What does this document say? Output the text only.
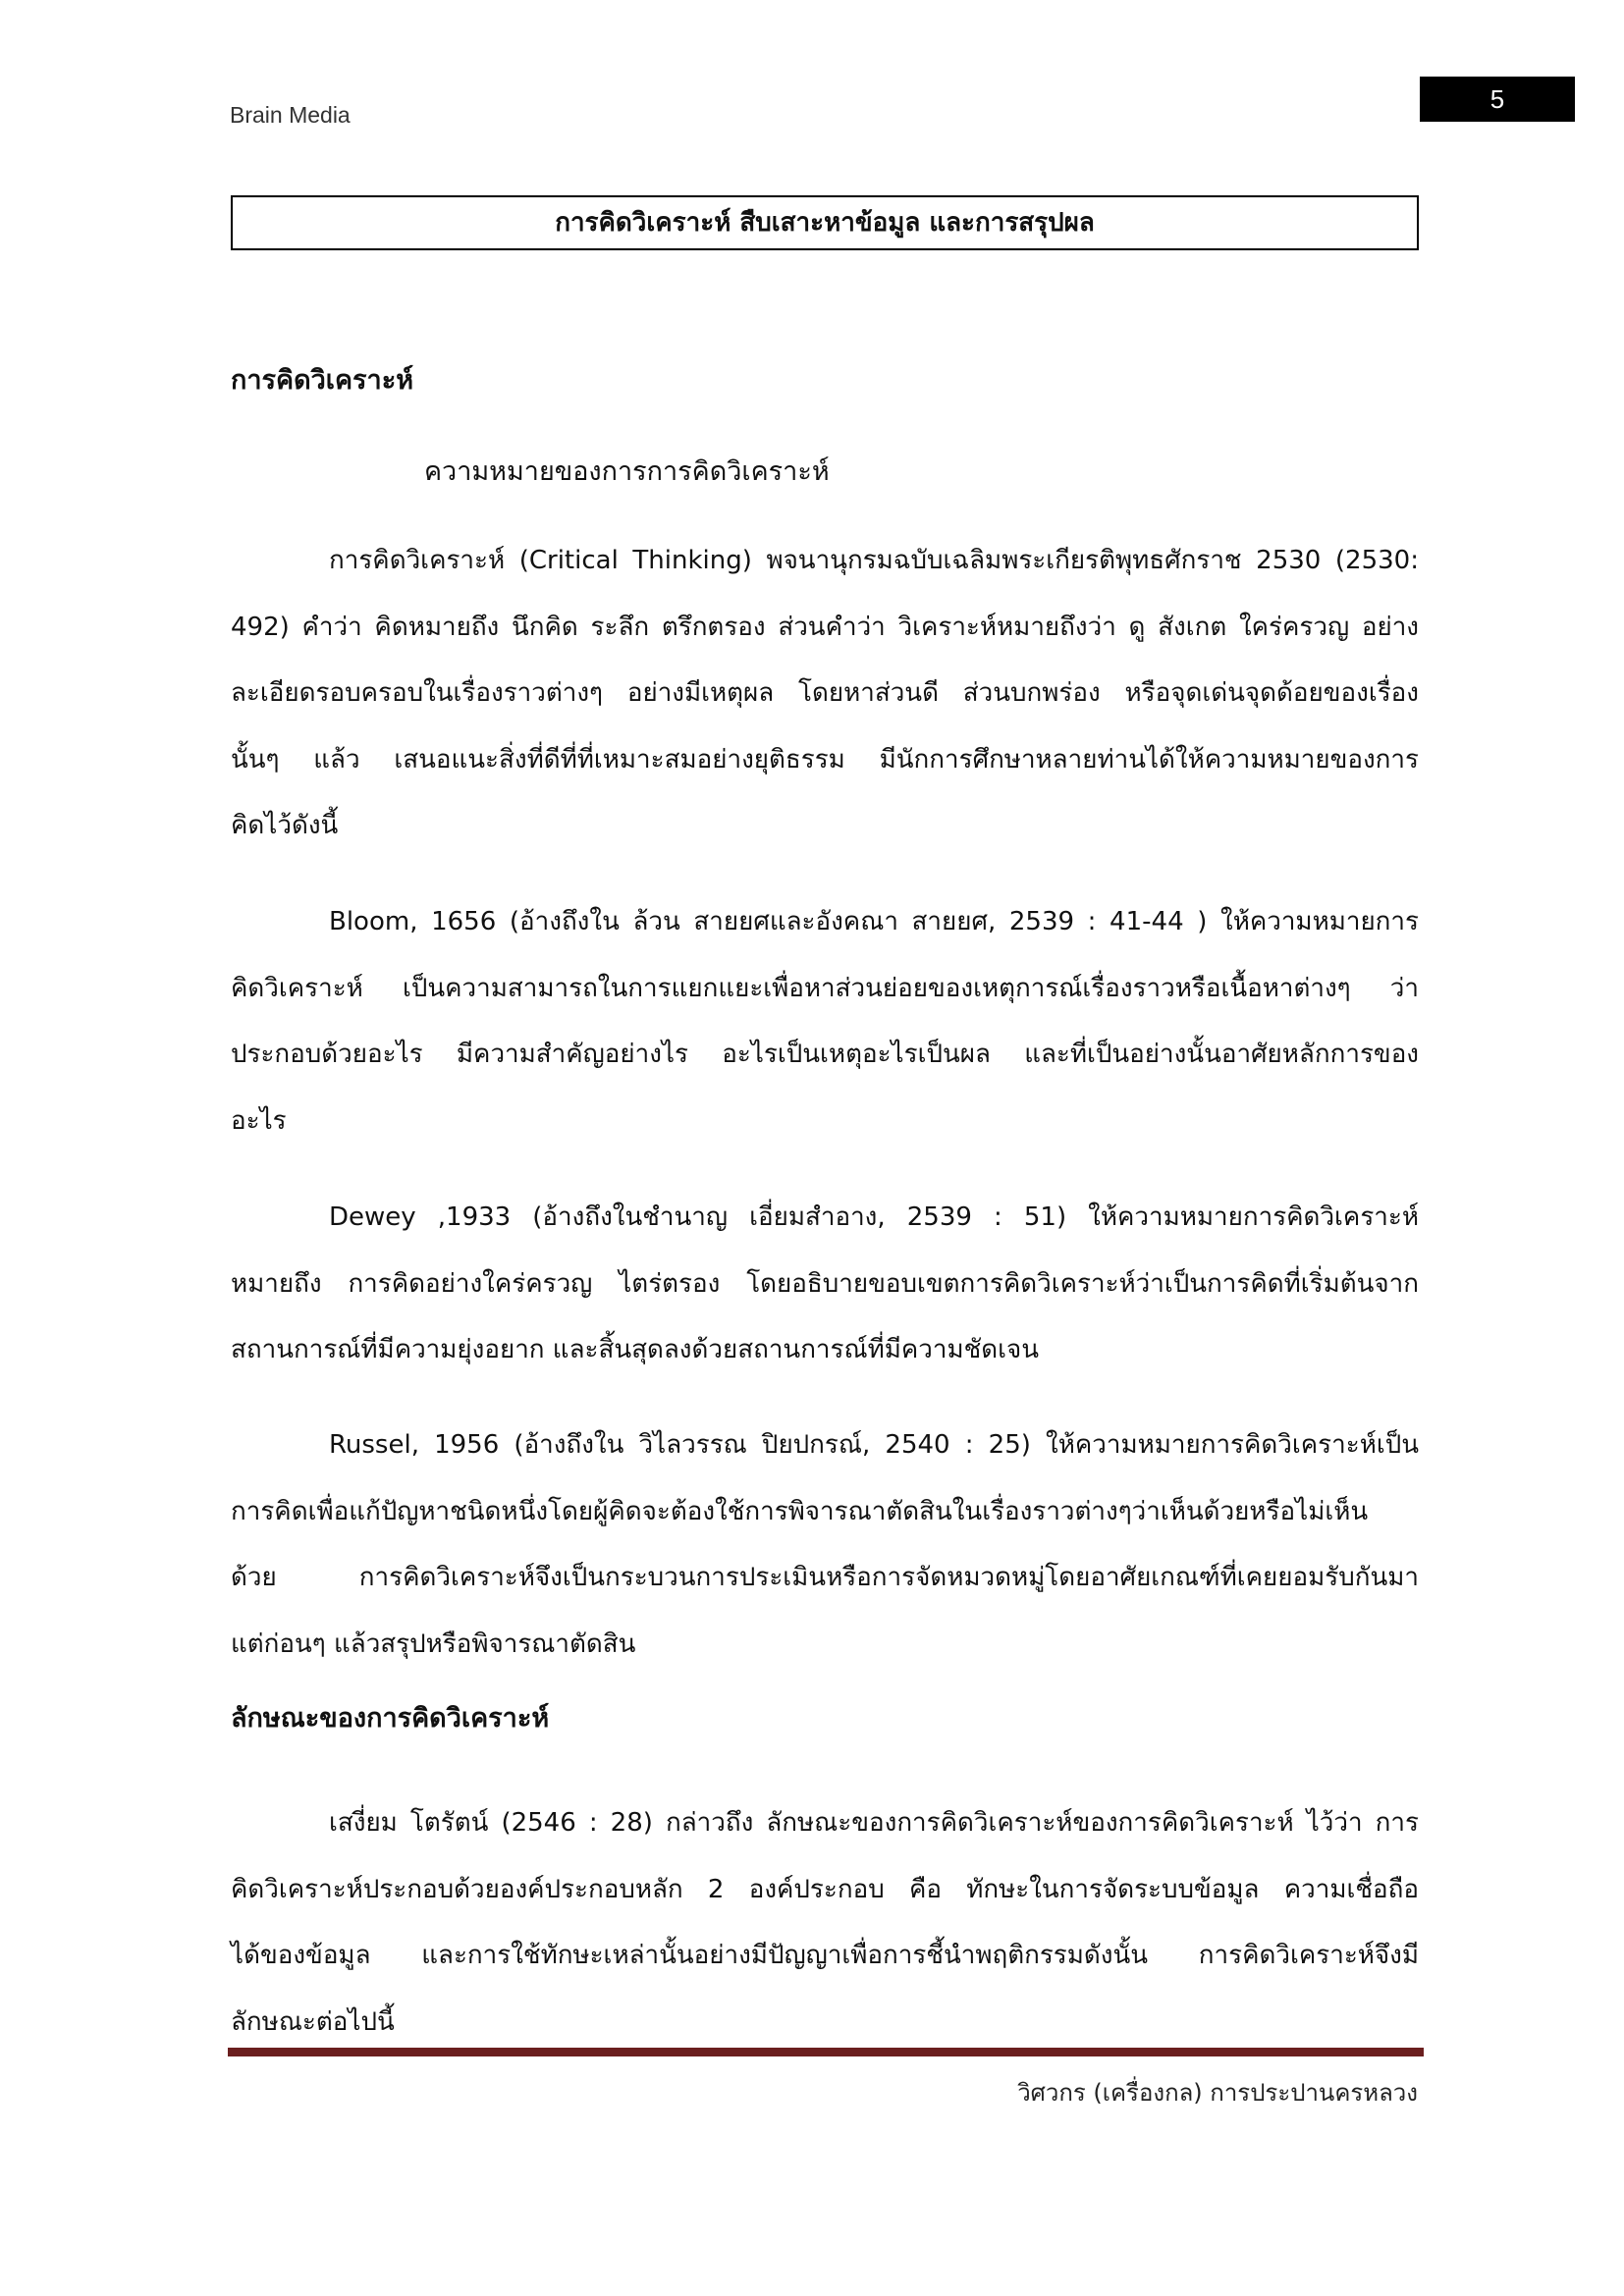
Brain Media
5
การคิดวิเคราะห์ สืบเสาะหาข้อมูล และการสรุปผล
การคิดวิเคราะห์
ความหมายของการการคิดวิเคราะห์
การคิดวิเคราะห์ (Critical Thinking) พจนานุกรมฉบับเฉลิมพระเกียรติพุทธศักราช 2530 (2530:
492) คำว่า คิดหมายถึง นึกคิด ระลึก ตรึกตรอง ส่วนคำว่า วิเคราะห์หมายถึงว่า ดู สังเกต ใคร่ครวญ อย่าง
ละเอียดรอบครอบในเรื่องราวต่างๆ อย่างมีเหตุผล โดยหาส่วนดี ส่วนบกพร่อง หรือจุดเด่นจุดด้อยของเรื่อง
นั้นๆ แล้ว เสนอแนะสิ่งที่ดีที่ที่เหมาะสมอย่างยุติธรรม มีนักการศึกษาหลายท่านได้ให้ความหมายของการ
คิดไว้ดังนี้
Bloom, 1656 (อ้างถึงใน ล้วน สายยศและอังคณา สายยศ, 2539 : 41-44 ) ให้ความหมายการ
คิดวิเคราะห์ เป็นความสามารถในการแยกแยะเพื่อหาส่วนย่อยของเหตุการณ์เรื่องราวหรือเนื้อหาต่างๆ ว่า
ประกอบด้วยอะไร มีความสำคัญอย่างไร อะไรเป็นเหตุอะไรเป็นผล และที่เป็นอย่างนั้นอาศัยหลักการของ
อะไร
Dewey ,1933 (อ้างถึงในชำนาญ เอี่ยมสำอาง, 2539 : 51) ให้ความหมายการคิดวิเคราะห์
หมายถึง การคิดอย่างใคร่ครวญ ไตร่ตรอง โดยอธิบายขอบเขตการคิดวิเคราะห์ว่าเป็นการคิดที่เริ่มต้นจาก
สถานการณ์ที่มีความยุ่งอยาก และสิ้นสุดลงด้วยสถานการณ์ที่มีความชัดเจน
Russel, 1956 (อ้างถึงใน วิไลวรรณ ปิยปกรณ์, 2540 : 25) ให้ความหมายการคิดวิเคราะห์เป็น
การคิดเพื่อแก้ปัญหาชนิดหนึ่งโดยผู้คิดจะต้องใช้การพิจารณาตัดสินในเรื่องราวต่างๆว่าเห็นด้วยหรือไม่เห็น
ด้วย การคิดวิเคราะห์จึงเป็นกระบวนการประเมินหรือการจัดหมวดหมู่โดยอาศัยเกณฑ์ที่เคยยอมรับกันมา
แต่ก่อนๆ แล้วสรุปหรือพิจารณาตัดสิน
ลักษณะของการคิดวิเคราะห์
เสงี่ยม โตรัตน์ (2546 : 28) กล่าวถึง ลักษณะของการคิดวิเคราะห์ของการคิดวิเคราะห์ ไว้ว่า การ
คิดวิเคราะห์ประกอบด้วยองค์ประกอบหลัก 2 องค์ประกอบ คือ ทักษะในการจัดระบบข้อมูล ความเชื่อถือ
ได้ของข้อมูล และการใช้ทักษะเหล่านั้นอย่างมีปัญญาเพื่อการชี้นำพฤติกรรมดังนั้น การคิดวิเคราะห์จึงมี
ลักษณะต่อไปนี้
วิศวกร (เครื่องกล) การประปานครหลวง
